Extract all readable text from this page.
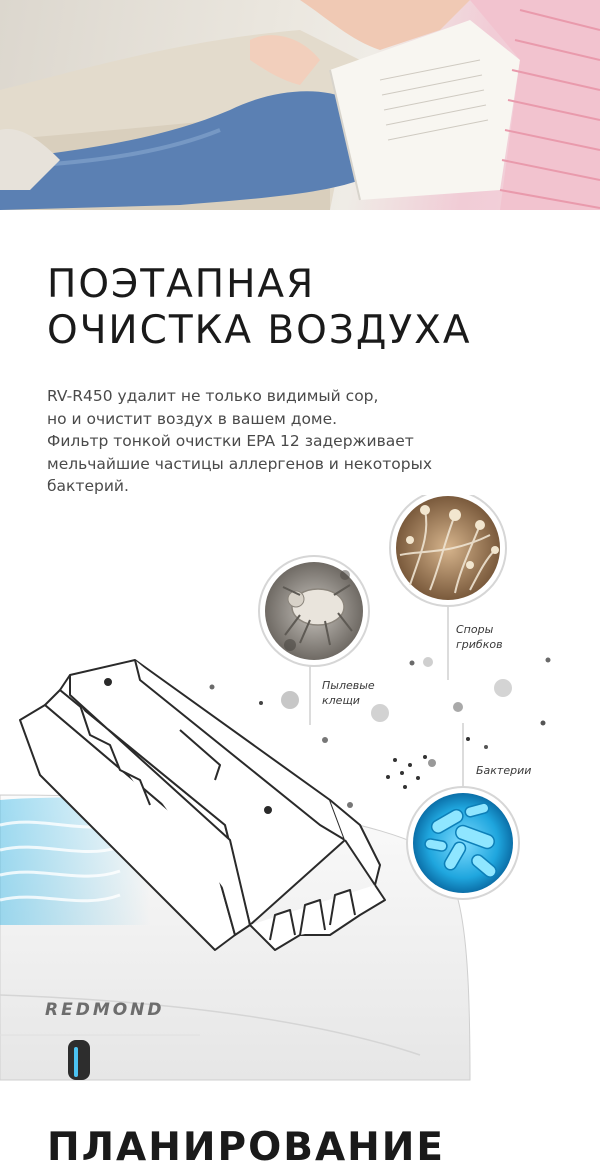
ПОЭТАПНАЯ
ОЧИСТКА ВОЗДУХА

RV-R450 удалит не только видимый сор,
но и очистит воздух в вашем доме.
Фильтр тонкой очистки EPA 12 задерживает
мельчайшие частицы аллергенов и некоторых
бактерий.

REDMOND
Пылевые
клещи
Споры
грибков
Бактерии
ПЛАНИРОВАНИЕ
